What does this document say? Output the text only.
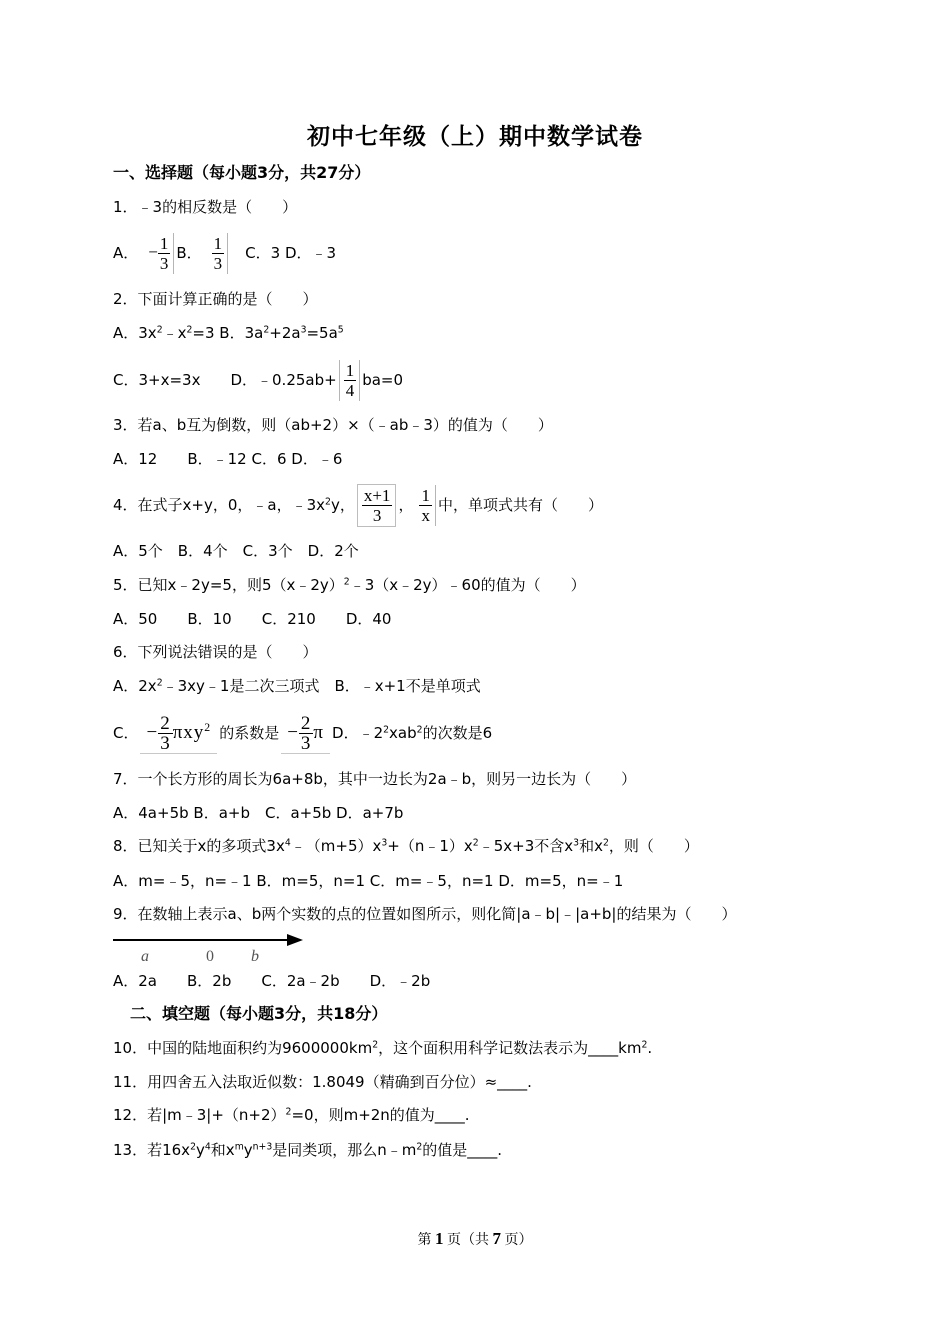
初中七年级（上）期中数学试卷
一、选择题（每小题3分，共27分）
1．﹣3的相反数是（　　）
A． − $\frac{1}{3}$ B． $\frac{1}{3}$ 　C．3 D．﹣3
2．下面计算正确的是（　　）
A．$3x^2﹣x^2=3$ B．$3a^2+2a^3=5a^5$
C．3+x=3x　　D．﹣0.25ab+ $\frac{1}{4} ba=0$
3．若a、b互为倒数，则（ab+2）×（﹣ab﹣3）的值为（　　）
A．12　　B．﹣12 C．6 D．﹣6
4．在式子x+y，0，﹣a，$﹣3x^2y$， $\frac{x+1}{3}$ ， $\frac{1}{x}$ 中，单项式共有（　　）
A．5个　B．4个　C．3个　D．2个
5．已知x﹣2y=5，则5（x﹣2y）$^2$﹣3（x﹣2y）﹣60的值为（　　）
A．50　　B．10　　C．210　　D．40
6．下列说法错误的是（　　）
A．$2x^2﹣3xy﹣1$是二次三项式　B．﹣x+1不是单项式
C． − $\frac{2}{3} \pi xy^2$ 的系数是 − $\frac{2}{3}$ π D．$﹣2^2xab^2$的次数是6
7．一个长方形的周长为6a+8b，其中一边长为2a﹣b，则另一边长为（　　）
A．4a+5b B．a+b　C．a+5b D．a+7b
8．已知关于x的多项式$3x^4﹣(m+5)x^3+(n﹣1)x^2﹣5x+3$不含$x^3$和$x^2$，则（　　）
A．m=﹣5，n=﹣1 B．m=5，n=1 C．m=﹣5，n=1 D．m=5，n=﹣1
9．在数轴上表示a、b两个实数的点的位置如图所示，则化简|a﹣b|﹣|a+b|的结果为（　　）
a	0 b
A．2a　　B．2b　　C．2a﹣2b　　D．﹣2b
二、填空题（每小题3分，共18分）
10．中国的陆地面积约为$9600000km^2$，这个面积用科学记数法表示为$\_\_\_\_km^2$.
11．用四舍五入法取近似数：1.8049（精确到百分位）≈____.
12．若$|m﹣3|+(n+2)^2=0$，则m+2n的值为____.
13．若$16x^2y^4$和$x^my^{n+3}$是同类项，那么$n﹣m^2$的值是____.
第 1 页（共 7 页）
